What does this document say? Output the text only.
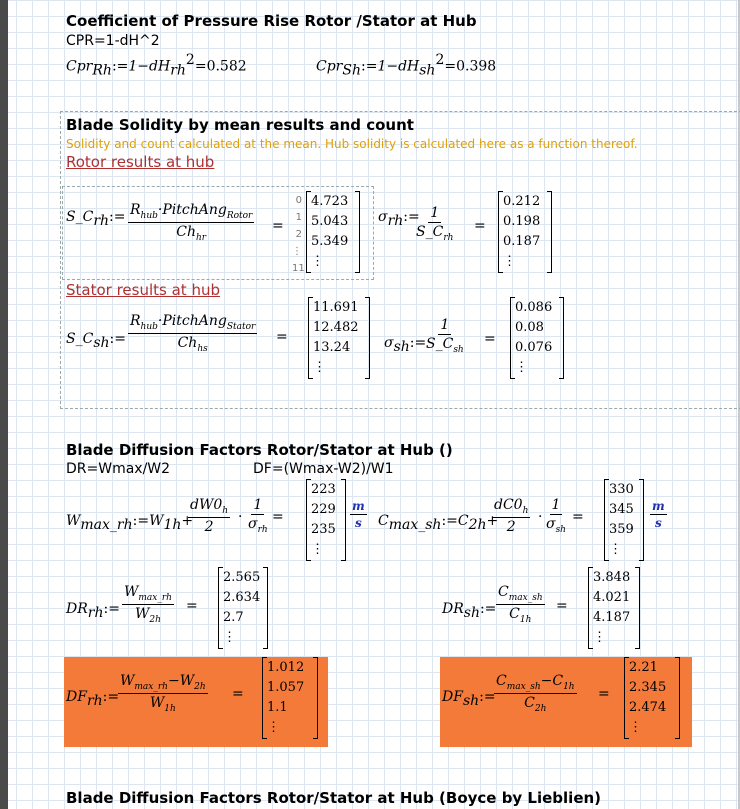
Coefficient of Pressure Rise Rotor /Stator at Hub
CPR=1-dH^2
$Cpr_{Rh}:=1-dH_{rh}^2=0.582$	$Cpr_{Sh}:=1-dH_{sh}^2=0.398$
Blade Solidity by mean results and count
Solidity and count calculated at the mean. Hub solidity is calculated here as a function thereof.
Rotor results at hub
$S\_C_{rh}:= \frac{R_{hub}\cdot PitchAng_{Rotor}}{Ch_{hr}}$ =
0
1
2
⋮
11
4.723
5.043
5.349
⋮
$\sigma_{rh}:=$
$\frac{1}{S\_C_{rh}}$ =
0.212
0.198
0.187
⋮
Stator results at hub
$S\_C_{sh}:= \frac{R_{hub}\cdot PitchAng_{Stator}}{Ch_{hs}}$ =
11.691
12.482
13.24
⋮
$\sigma_{sh}:=$
$\frac{1}{S\_C_{sh}}$ =
0.086
0.08
0.076
⋮
Blade Diffusion Factors Rotor/Stator at Hub ()
DR=Wmax/W2	DF=(Wmax-W2)/W1
$W_{max\_rh}:=W_{1h}+$
$\frac{dW0_h}{2} \cdot \frac{1}{\sigma_{rh}}$ =
223
229
235
⋮
$\frac{m}{s}$ $C_{max\_sh}:=C_{2h}+$
$\frac{dC0_h}{2} \cdot \frac{1}{\sigma_{sh}}$ =
330
345
359
⋮
$\frac{m}{s}$
$DR_{rh}:= \frac{W_{max\_rh}}{W_{2h}}$ =
2.565
2.634
2.7
⋮
$DR_{sh}:= \frac{C_{max\_sh}}{C_{1h}}$ =
3.848
4.021
4.187
⋮
$DF_{rh}:=$
$\frac{W_{max\_rh}-W_{2h}}{W_{1h}}$ =
1.012
1.057
1.1
⋮
$DF_{sh}:=$
$\frac{C_{max\_sh}-C_{1h}}{C_{2h}}$ =
2.21
2.345
2.474
⋮
Blade Diffusion Factors Rotor/Stator at Hub (Boyce by Lieblien)
